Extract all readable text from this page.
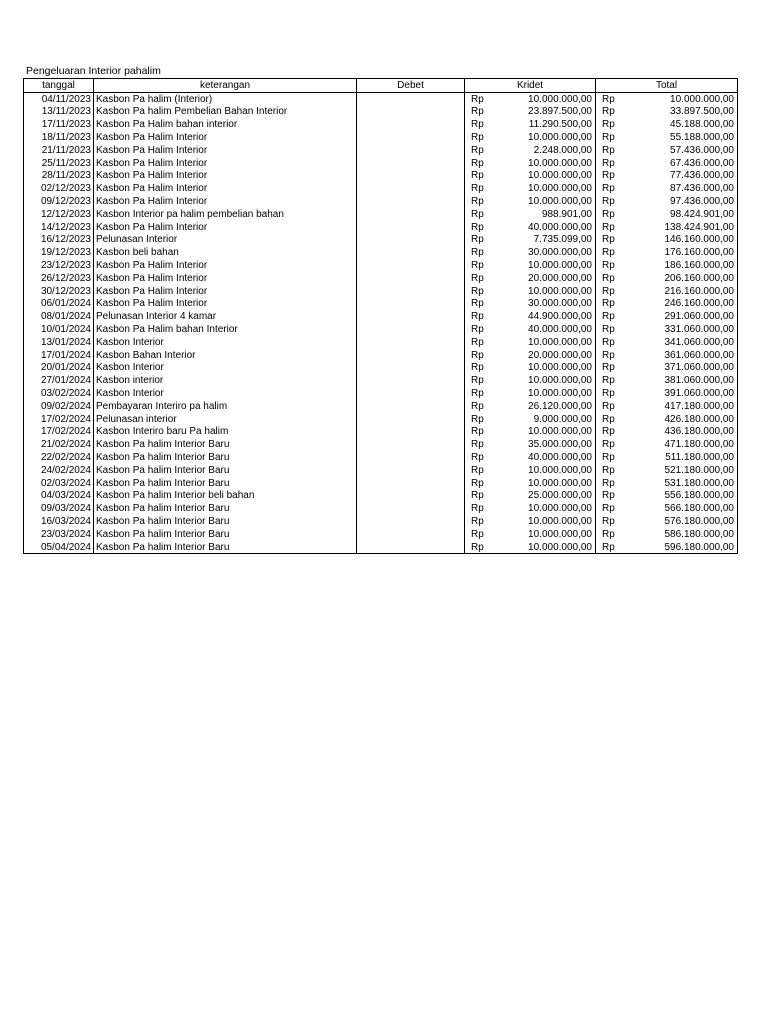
Pengeluaran Interior pahalim
tanggal	keterangan	Debet	Kridet	Total
04/11/2023	Kasbon Pa halim (Interior)		Rp 10.000.000,00	Rp 10.000.000,00

13/11/2023	Kasbon Pa halim Pembelian Bahan Interior		Rp 23.897.500,00	Rp 33.897.500,00

17/11/2023	Kasbon Pa Halim bahan interior		Rp 11.290.500,00	Rp 45.188.000,00

18/11/2023	Kasbon Pa Halim Interior		Rp 10.000.000,00	Rp 55.188.000,00

21/11/2023	Kasbon Pa Halim Interior		Rp 2.248.000,00	Rp 57.436.000,00

25/11/2023	Kasbon Pa Halim Interior		Rp 10.000.000,00	Rp 67.436.000,00

28/11/2023	Kasbon Pa Halim Interior		Rp 10.000.000,00	Rp 77.436.000,00

02/12/2023	Kasbon Pa Halim Interior		Rp 10.000.000,00	Rp 87.436.000,00

09/12/2023	Kasbon Pa Halim Interior		Rp 10.000.000,00	Rp 97.436.000,00

12/12/2023	Kasbon Interior pa halim pembelian bahan		Rp 988.901,00	Rp 98.424.901,00

14/12/2023	Kasbon Pa Halim Interior		Rp 40.000.000,00	Rp 138.424.901,00

16/12/2023	Pelunasan Interior		Rp 7.735.099,00	Rp 146.160.000,00

19/12/2023	Kasbon beli bahan		Rp 30.000.000,00	Rp 176.160.000,00

23/12/2023	Kasbon Pa Halim Interior		Rp 10.000.000,00	Rp 186.160.000,00

26/12/2023	Kasbon Pa Halim Interior		Rp 20.000.000,00	Rp 206.160.000,00

30/12/2023	Kasbon Pa Halim Interior		Rp 10.000.000,00	Rp 216.160.000,00

06/01/2024	Kasbon Pa Halim Interior		Rp 30.000.000,00	Rp 246.160.000,00

08/01/2024	Pelunasan Interior 4 kamar		Rp 44.900.000,00	Rp 291.060.000,00

10/01/2024	Kasbon Pa Halim bahan Interior		Rp 40.000.000,00	Rp 331.060.000,00

13/01/2024	Kasbon Interior		Rp 10.000.000,00	Rp 341.060.000,00

17/01/2024	Kasbon Bahan Interior		Rp 20.000.000,00	Rp 361.060.000,00

20/01/2024	Kasbon Interior		Rp 10.000.000,00	Rp 371.060.000,00

27/01/2024	Kasbon interior		Rp 10.000.000,00	Rp 381.060.000,00

03/02/2024	Kasbon Interior		Rp 10.000.000,00	Rp 391.060.000,00

09/02/2024	Pembayaran Interiro pa halim		Rp 26.120.000,00	Rp 417.180.000,00

17/02/2024	Pelunasan interior		Rp 9.000.000,00	Rp 426.180.000,00

17/02/2024	Kasbon Interiro baru Pa halim		Rp 10.000.000,00	Rp 436.180.000,00

21/02/2024	Kasbon Pa halim Interior Baru		Rp 35.000.000,00	Rp 471.180.000,00

22/02/2024	Kasbon Pa halim Interior Baru		Rp 40.000.000,00	Rp 511.180.000,00

24/02/2024	Kasbon Pa halim Interior Baru		Rp 10.000.000,00	Rp 521.180.000,00

02/03/2024	Kasbon Pa halim Interior Baru		Rp 10.000.000,00	Rp 531.180.000,00

04/03/2024	Kasbon Pa halim Interior beli bahan		Rp 25.000.000,00	Rp 556.180.000,00

09/03/2024	Kasbon Pa halim Interior Baru		Rp 10.000.000,00	Rp 566.180.000,00

16/03/2024	Kasbon Pa halim Interior Baru		Rp 10.000.000,00	Rp 576.180.000,00

23/03/2024	Kasbon Pa halim Interior Baru		Rp 10.000.000,00	Rp 586.180.000,00

05/04/2024	Kasbon Pa halim Interior Baru		Rp 10.000.000,00	Rp 596.180.000,00
